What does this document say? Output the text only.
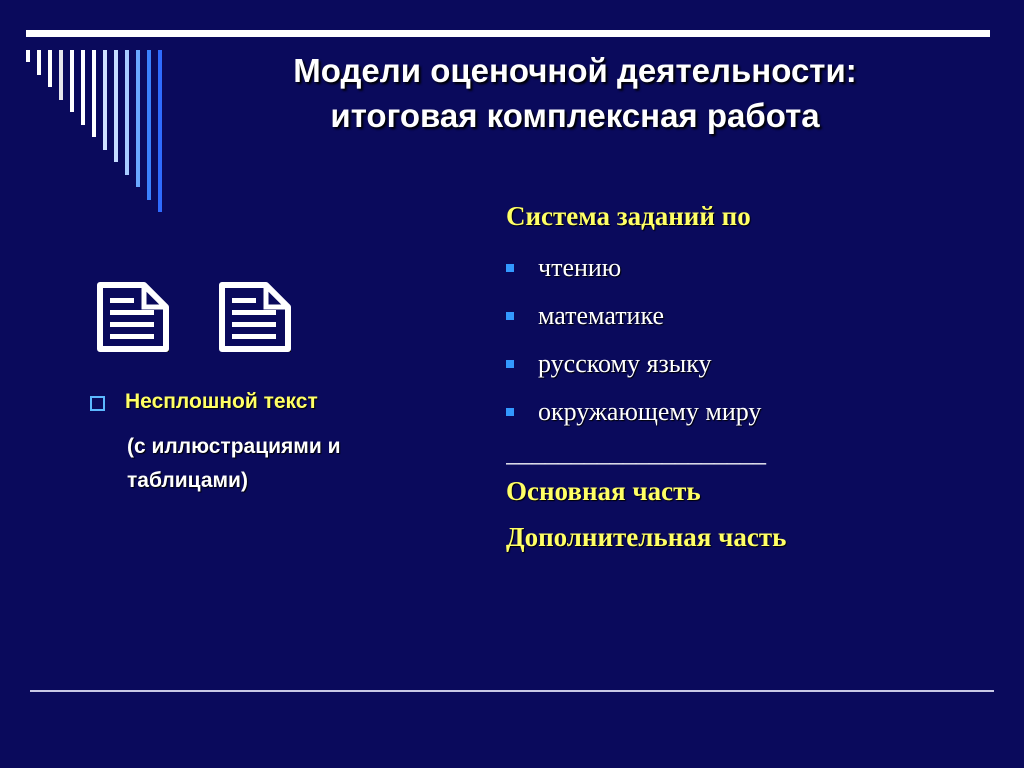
Модели оценочной деятельности:
итоговая комплексная работа
Несплошной текст
(с иллюстрациями и
таблицами)
Система заданий по
чтению
математике
русскому языку
окружающему миру
____________________
Основная часть
Дополнительная часть
